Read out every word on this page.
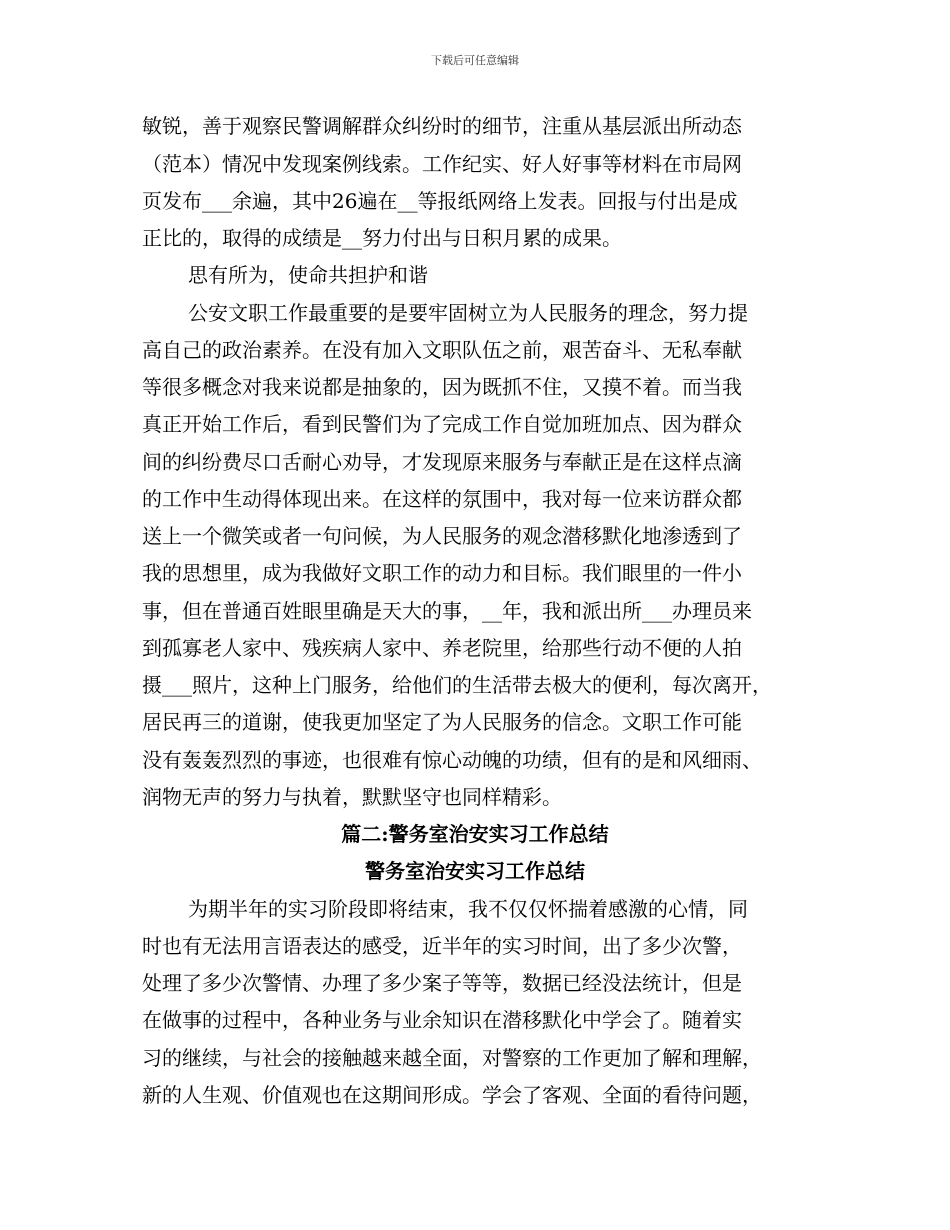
下载后可任意编辑
敏锐，善于观察民警调解群众纠纷时的细节，注重从基层派出所动态
（范本）情况中发现案例线索。工作纪实、好人好事等材料在市局网
页发布___余遍，其中26遍在__等报纸网络上发表。回报与付出是成
正比的，取得的成绩是__努力付出与日积月累的成果。
思有所为，使命共担护和谐
公安文职工作最重要的是要牢固树立为人民服务的理念，努力提
高自己的政治素养。在没有加入文职队伍之前，艰苦奋斗、无私奉献
等很多概念对我来说都是抽象的，因为既抓不住，又摸不着。而当我
真正开始工作后，看到民警们为了完成工作自觉加班加点、因为群众
间的纠纷费尽口舌耐心劝导，才发现原来服务与奉献正是在这样点滴
的工作中生动得体现出来。在这样的氛围中，我对每一位来访群众都
送上一个微笑或者一句问候，为人民服务的观念潜移默化地渗透到了
我的思想里，成为我做好文职工作的动力和目标。我们眼里的一件小
事，但在普通百姓眼里确是天大的事，__年，我和派出所___办理员来
到孤寡老人家中、残疾病人家中、养老院里，给那些行动不便的人拍
摄___照片，这种上门服务，给他们的生活带去极大的便利，每次离开，
居民再三的道谢，使我更加坚定了为人民服务的信念。文职工作可能
没有轰轰烈烈的事迹，也很难有惊心动魄的功绩，但有的是和风细雨、
润物无声的努力与执着，默默坚守也同样精彩。
篇二:警务室治安实习工作总结
警务室治安实习工作总结
为期半年的实习阶段即将结束，我不仅仅怀揣着感激的心情，同
时也有无法用言语表达的感受，近半年的实习时间，出了多少次警，
处理了多少次警情、办理了多少案子等等，数据已经没法统计，但是
在做事的过程中，各种业务与业余知识在潜移默化中学会了。随着实
习的继续，与社会的接触越来越全面，对警察的工作更加了解和理解，
新的人生观、价值观也在这期间形成。学会了客观、全面的看待问题，
